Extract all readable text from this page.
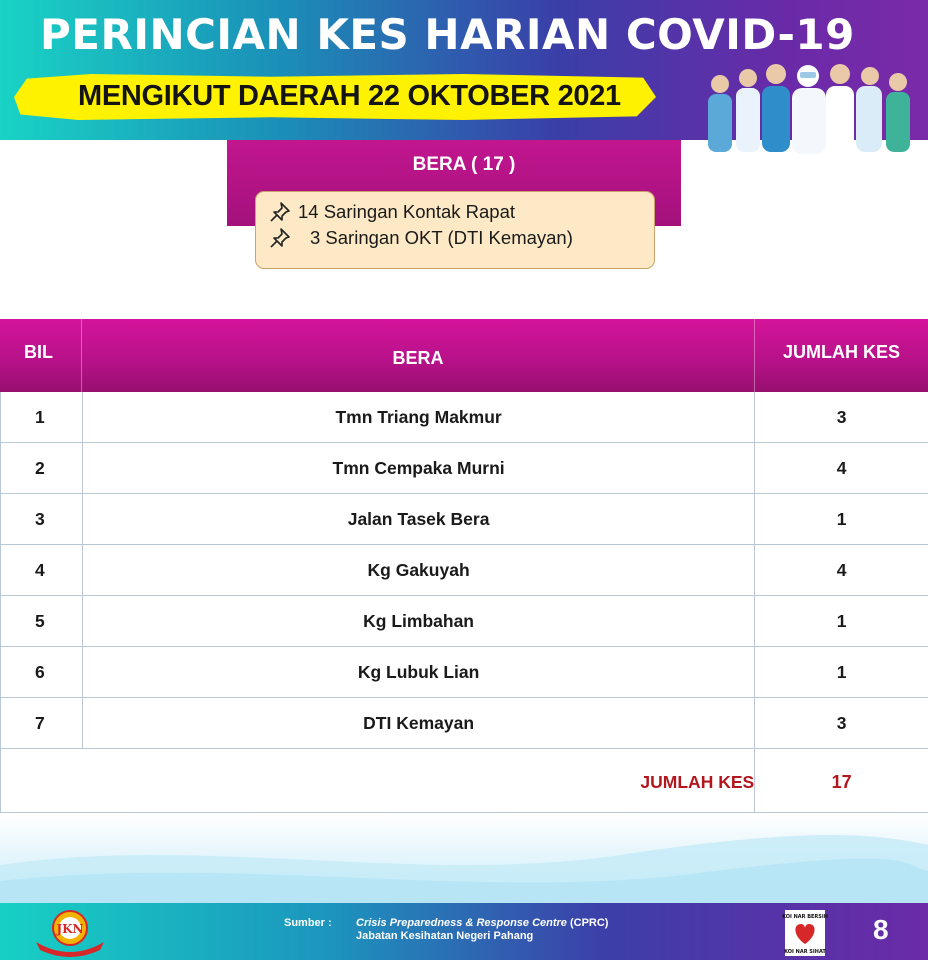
PERINCIAN KES HARIAN COVID-19
MENGIKUT DAERAH 22 OKTOBER 2021
BERA ( 17 )
14 Saringan Kontak Rapat
3 Saringan OKT (DTI Kemayan)
BIL	BERA	JUMLAH KES
1	Tmn Triang Makmur	3
2	Tmn Cempaka Murni	4
3	Jalan Tasek Bera	1
4	Kg Gakuyah	4
5	Kg Limbahan	1
6	Kg Lubuk Lian	1
7	DTI Kemayan	3
JUMLAH KES	17
JKN	Sumber : Crisis Preparedness & Response Centre (CPRC)
Jabatan Kesihatan Negeri Pahang
KOI NAR BERSIH
KOI NAR SIHAT
8
